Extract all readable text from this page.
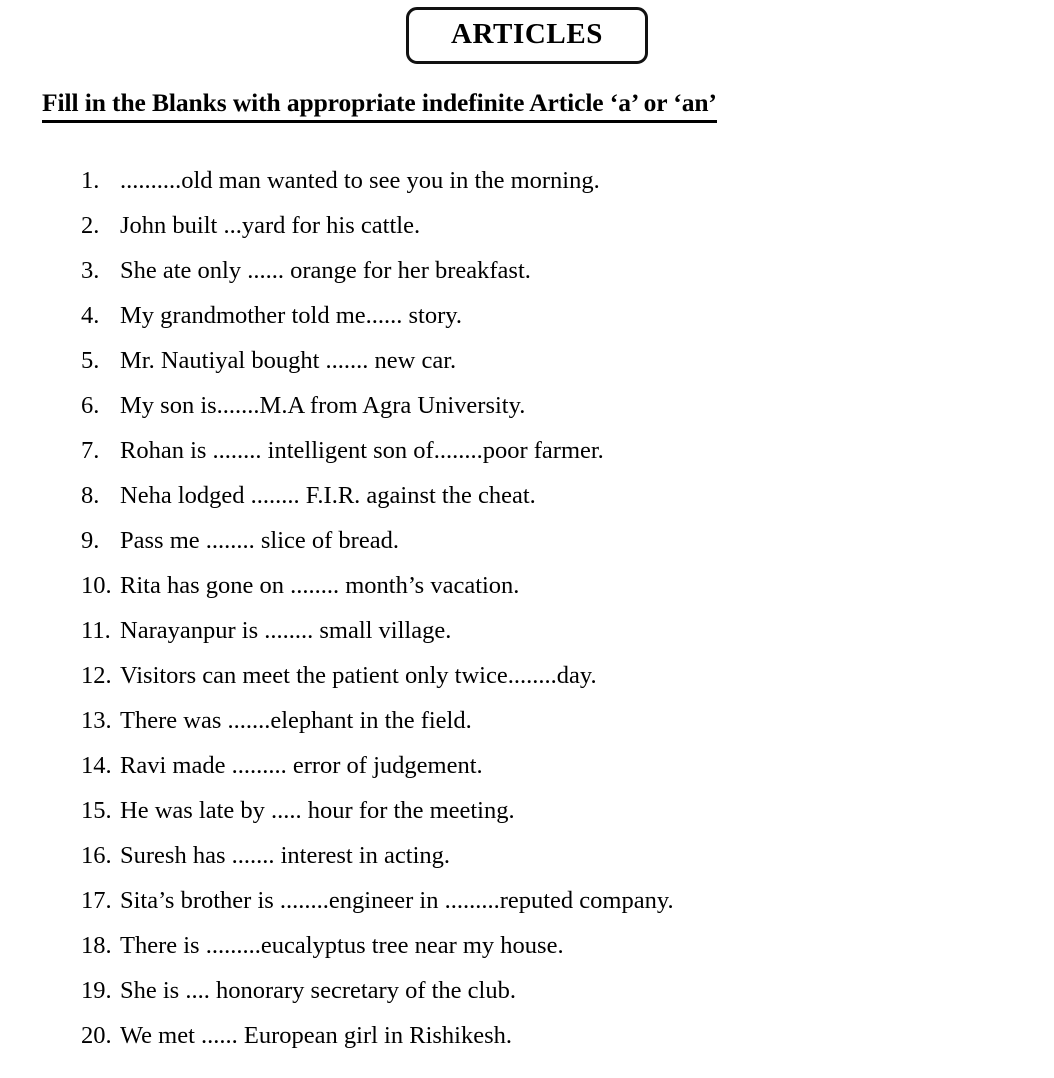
ARTICLES
Fill in the Blanks with appropriate indefinite Article ‘a’ or ‘an’
1. ..........old man wanted to see you in the morning.
2. John built ...yard for his cattle.
3. She ate only ...... orange for her breakfast.
4. My grandmother told me...... story.
5. Mr. Nautiyal bought ....... new car.
6. My son is.......M.A from Agra University.
7. Rohan is ........ intelligent son of........poor farmer.
8. Neha lodged ........ F.I.R. against the cheat.
9. Pass me ........ slice of bread.
10. Rita has gone on ........ month’s vacation.
11. Narayanpur is ........ small village.
12. Visitors can meet the patient only twice........day.
13. There was .......elephant in the field.
14. Ravi made ......... error of judgement.
15. He was late by ..... hour for the meeting.
16. Suresh has ....... interest in acting.
17. Sita’s brother is ........engineer in .........reputed company.
18. There is .........eucalyptus tree near my house.
19. She is .... honorary secretary of the club.
20. We met ...... European girl in Rishikesh.
